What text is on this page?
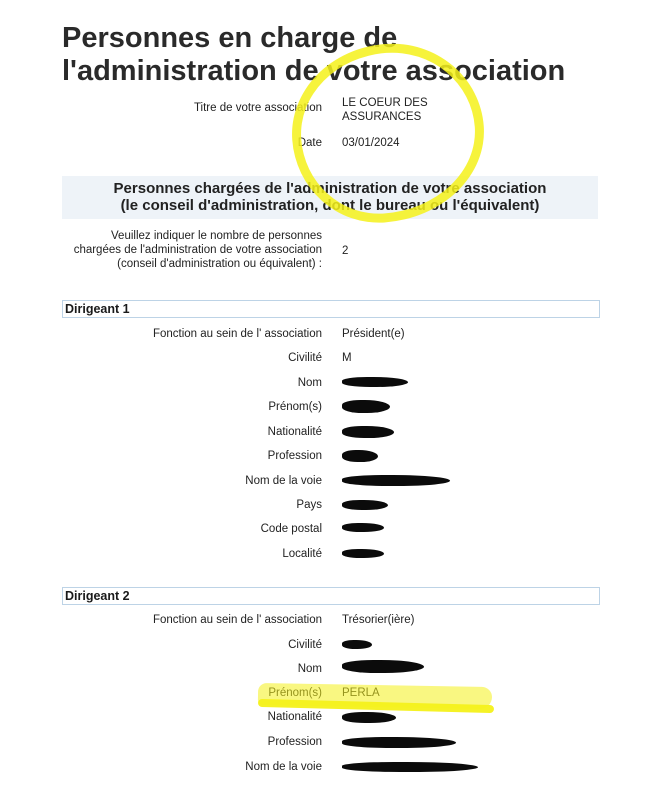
Personnes en charge de
l'administration de votre association
Titre de votre association LE COEUR DES
ASSURANCES
Date 03/01/2024
Personnes chargées de l'administration de votre association
(le conseil d'administration, dont le bureau ou l'équivalent)
Veuillez indiquer le nombre de personnes
chargées de l'administration de votre association
(conseil d'administration ou équivalent) :
2
Dirigeant 1
Fonction au sein de l' association Président(e)
Civilité M
Nom
Prénom(s)
Nationalité
Profession
Nom de la voie
Pays
Code postal
Localité
Dirigeant 2
Fonction au sein de l' association Trésorier(ière)
Civilité
Nom
Nationalité
Profession
Nom de la voie
